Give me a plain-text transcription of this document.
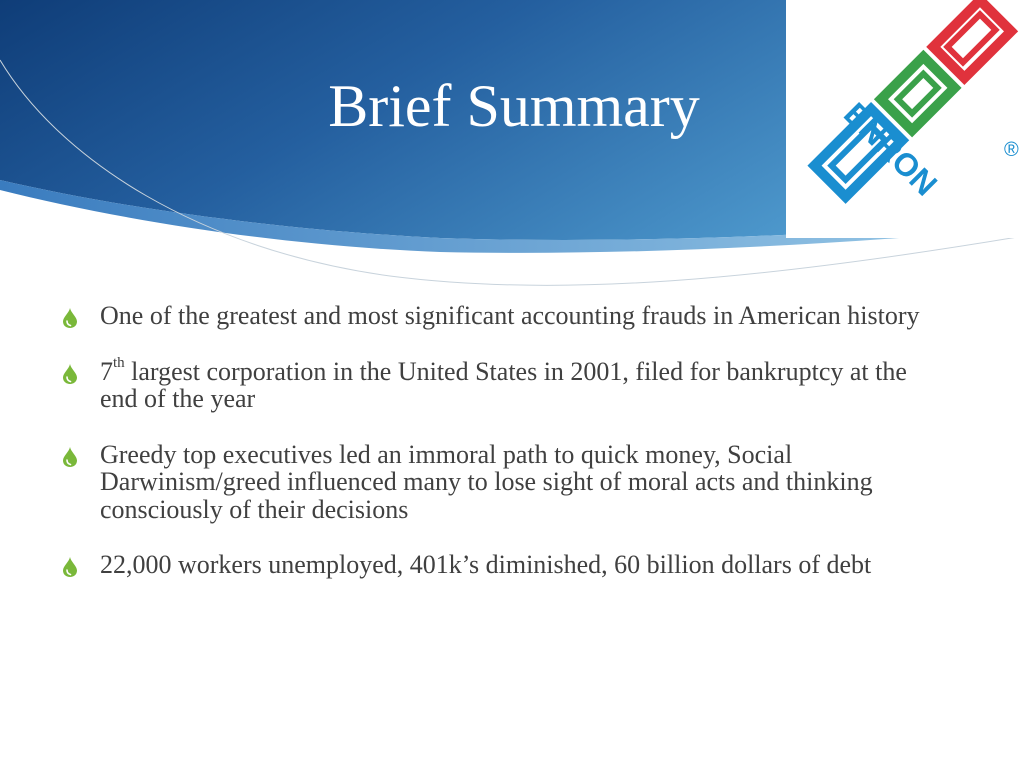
Brief Summary	ENRON	®
One of the greatest and most significant accounting frauds in American history
7th largest corporation in the United States in 2001, filed for bankruptcy at the end of the year
Greedy top executives led an immoral path to quick money, Social Darwinism/greed influenced many to lose sight of moral acts and thinking consciously of their decisions
22,000 workers unemployed, 401k’s diminished, 60 billion dollars of debt
